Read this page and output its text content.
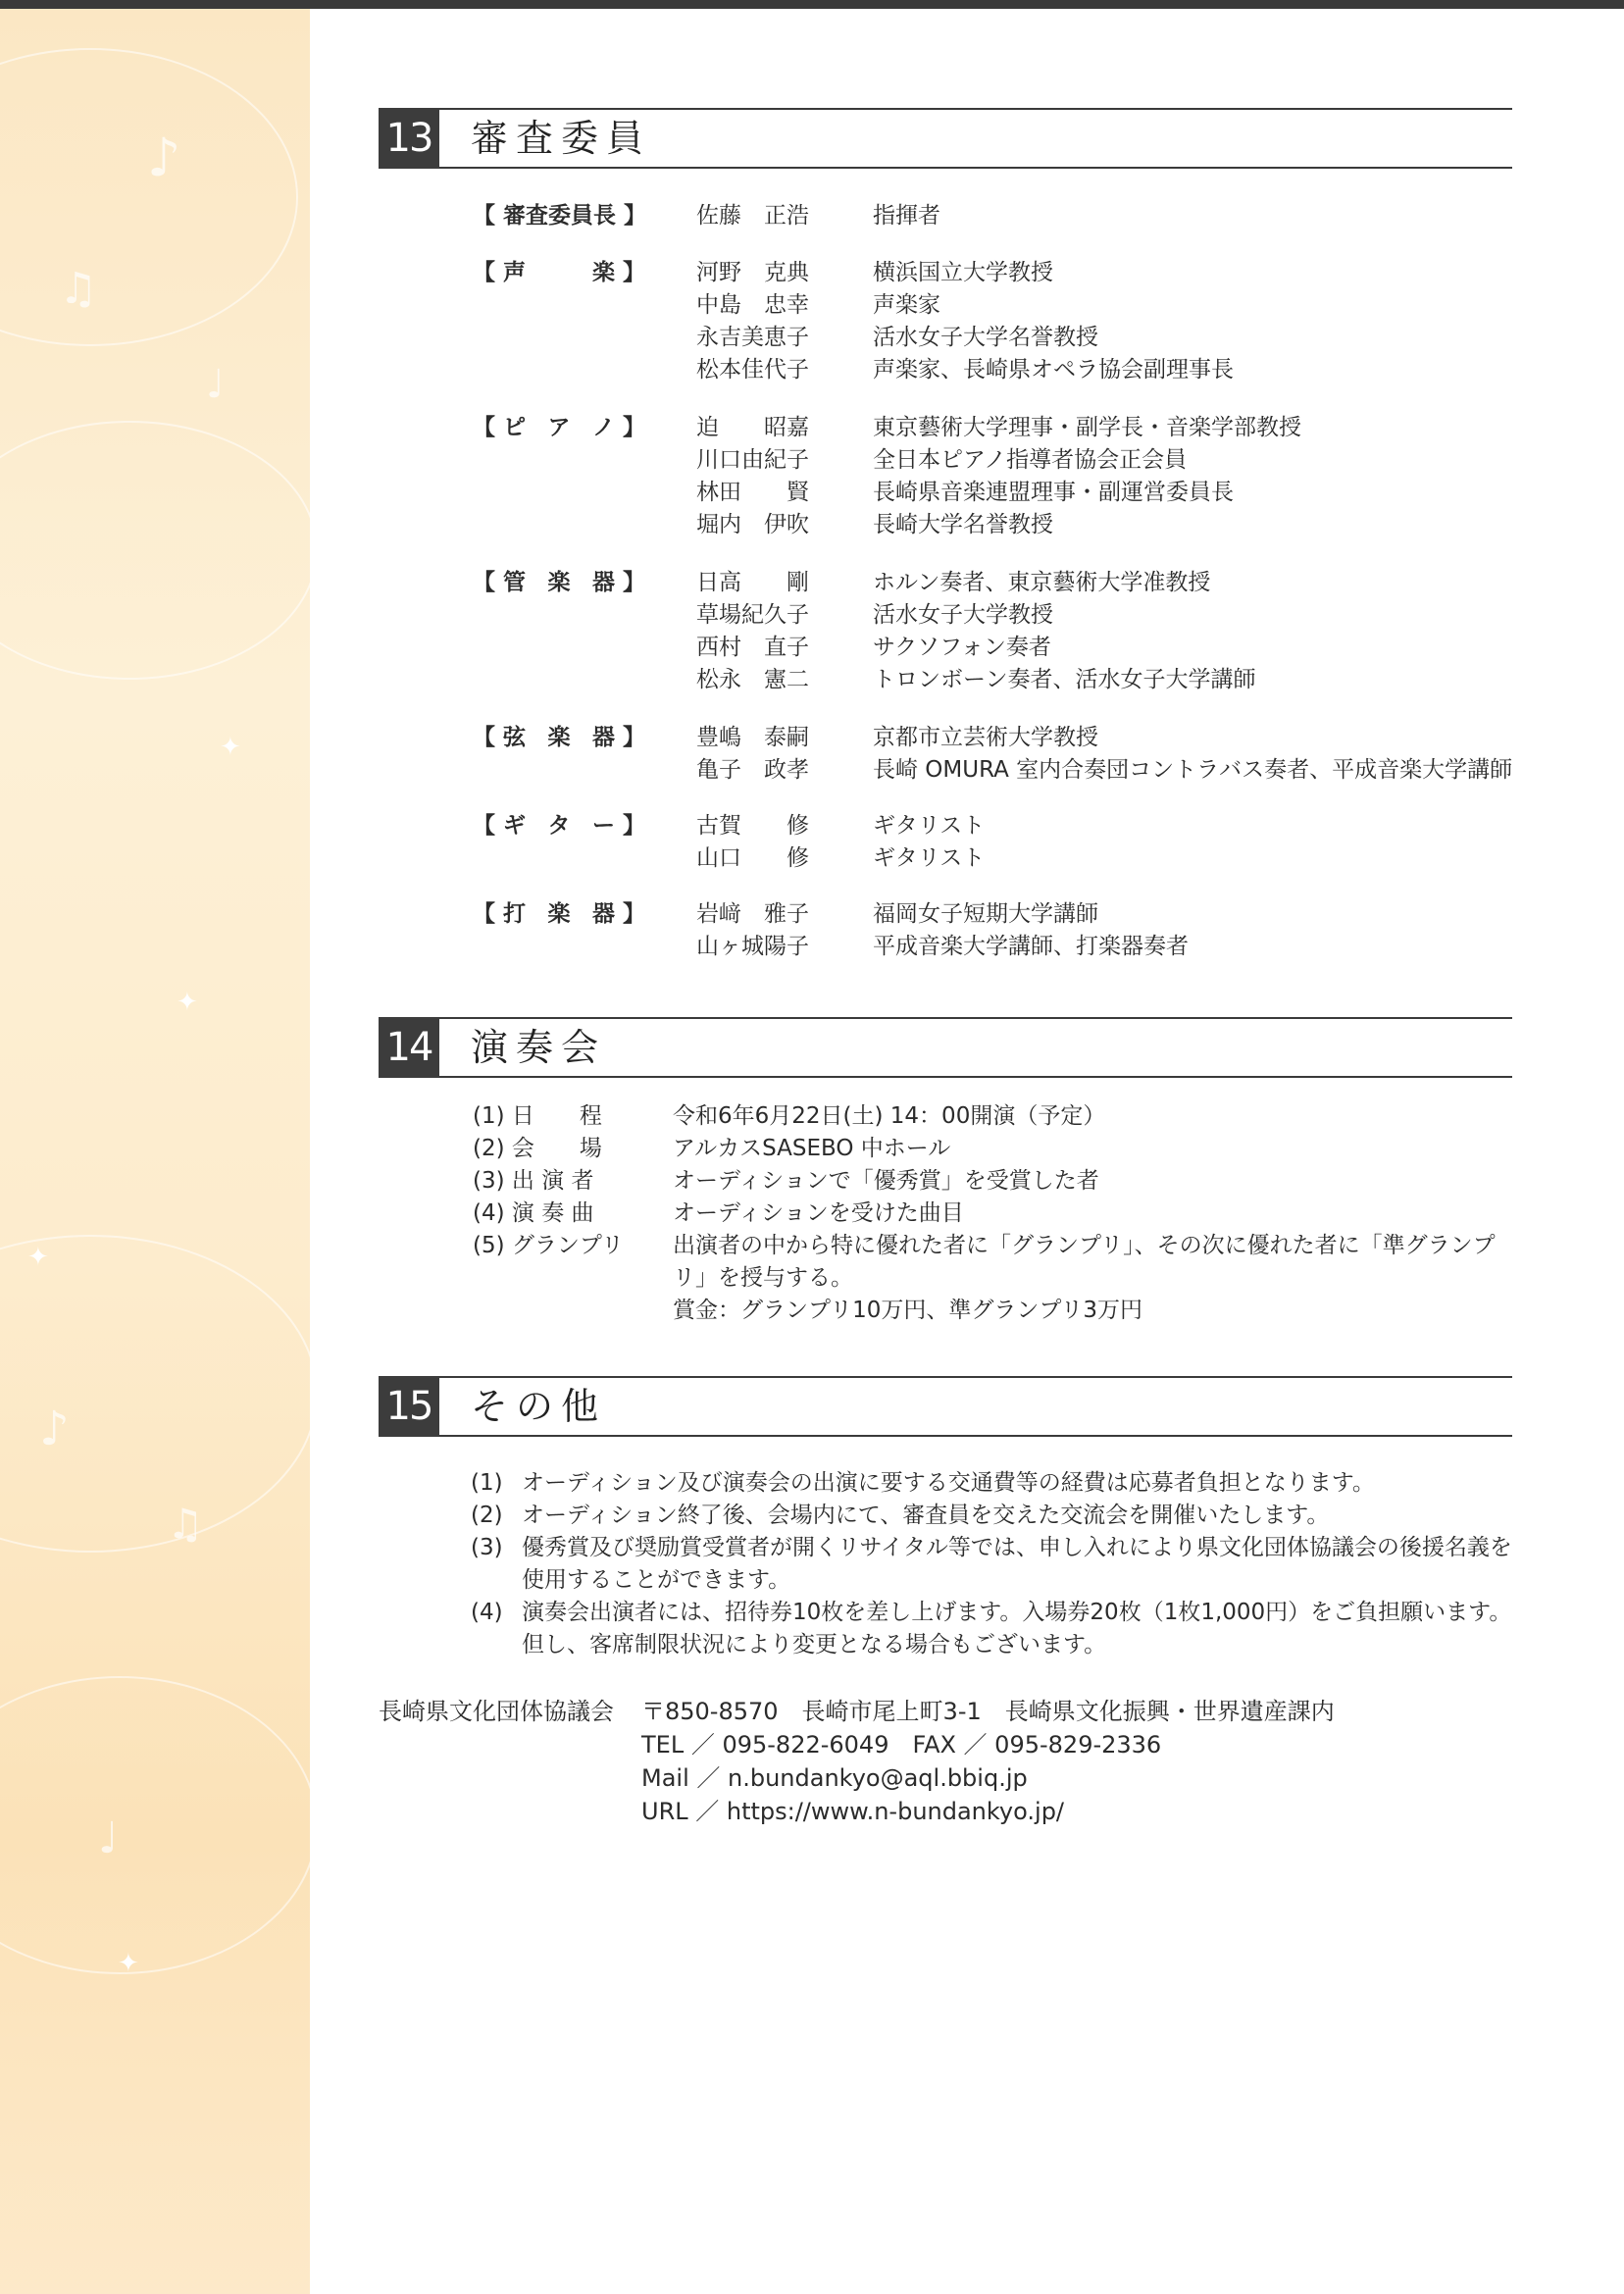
♪
♫
♩
♪
♫
♩
✦
✦
✦
✦
13 審査委員
【 審査委員長 】 佐藤　正浩	指揮者
【 声　楽 】 河野　克典	横浜国立大学教授
中島　忠幸	声楽家
永吉美恵子	活水女子大学名誉教授
松本佳代子	声楽家、長崎県オペラ協会副理事長
【 ピ ア ノ 】 迫　　昭嘉	東京藝術大学理事・副学長・音楽学部教授
川口由紀子	全日本ピアノ指導者協会正会員
林田　　賢	長崎県音楽連盟理事・副運営委員長
堀内　伊吹	長崎大学名誉教授
【 管 楽 器 】 日高　　剛	ホルン奏者、東京藝術大学准教授
草場紀久子	活水女子大学教授
西村　直子	サクソフォン奏者
松永　憲二	トロンボーン奏者、活水女子大学講師
【 弦 楽 器 】 豊嶋　泰嗣	京都市立芸術大学教授
亀子　政孝	長崎 OMURA 室内合奏団コントラバス奏者、平成音楽大学講師
【 ギ タ ー 】 古賀　　修	ギタリスト
山口　　修	ギタリスト
【 打 楽 器 】 岩﨑　雅子	福岡女子短期大学講師
山ヶ城陽子	平成音楽大学講師、打楽器奏者
14 演奏会
(1) 日　　程	令和6年6月22日(土) 14：00開演（予定）
(2) 会　　場	アルカスSASEBO 中ホール
(3) 出 演 者	オーディションで「優秀賞」を受賞した者
(4) 演 奏 曲	オーディションを受けた曲目
(5) グランプリ 出演者の中から特に優れた者に「グランプリ」、その次に優れた者に「準グランプリ」を授与する。
賞金：グランプリ10万円、準グランプリ3万円
15 その他
(1) オーディション及び演奏会の出演に要する交通費等の経費は応募者負担となります。
(2) オーディション終了後、会場内にて、審査員を交えた交流会を開催いたします。
(3) 優秀賞及び奨励賞受賞者が開くリサイタル等では、申し入れにより県文化団体協議会の後援名義を使用することができます。
(4) 演奏会出演者には、招待券10枚を差し上げます。入場券20枚（1枚1,000円）をご負担願います。但し、客席制限状況により変更となる場合もございます。
長崎県文化団体協議会 〒850-8570　長崎市尾上町3-1　長崎県文化振興・世界遺産課内
TEL ／ 095-822-6049　FAX ／ 095-829-2336
Mail ／ n.bundankyo@aql.bbiq.jp
URL ／ https://www.n-bundankyo.jp/
